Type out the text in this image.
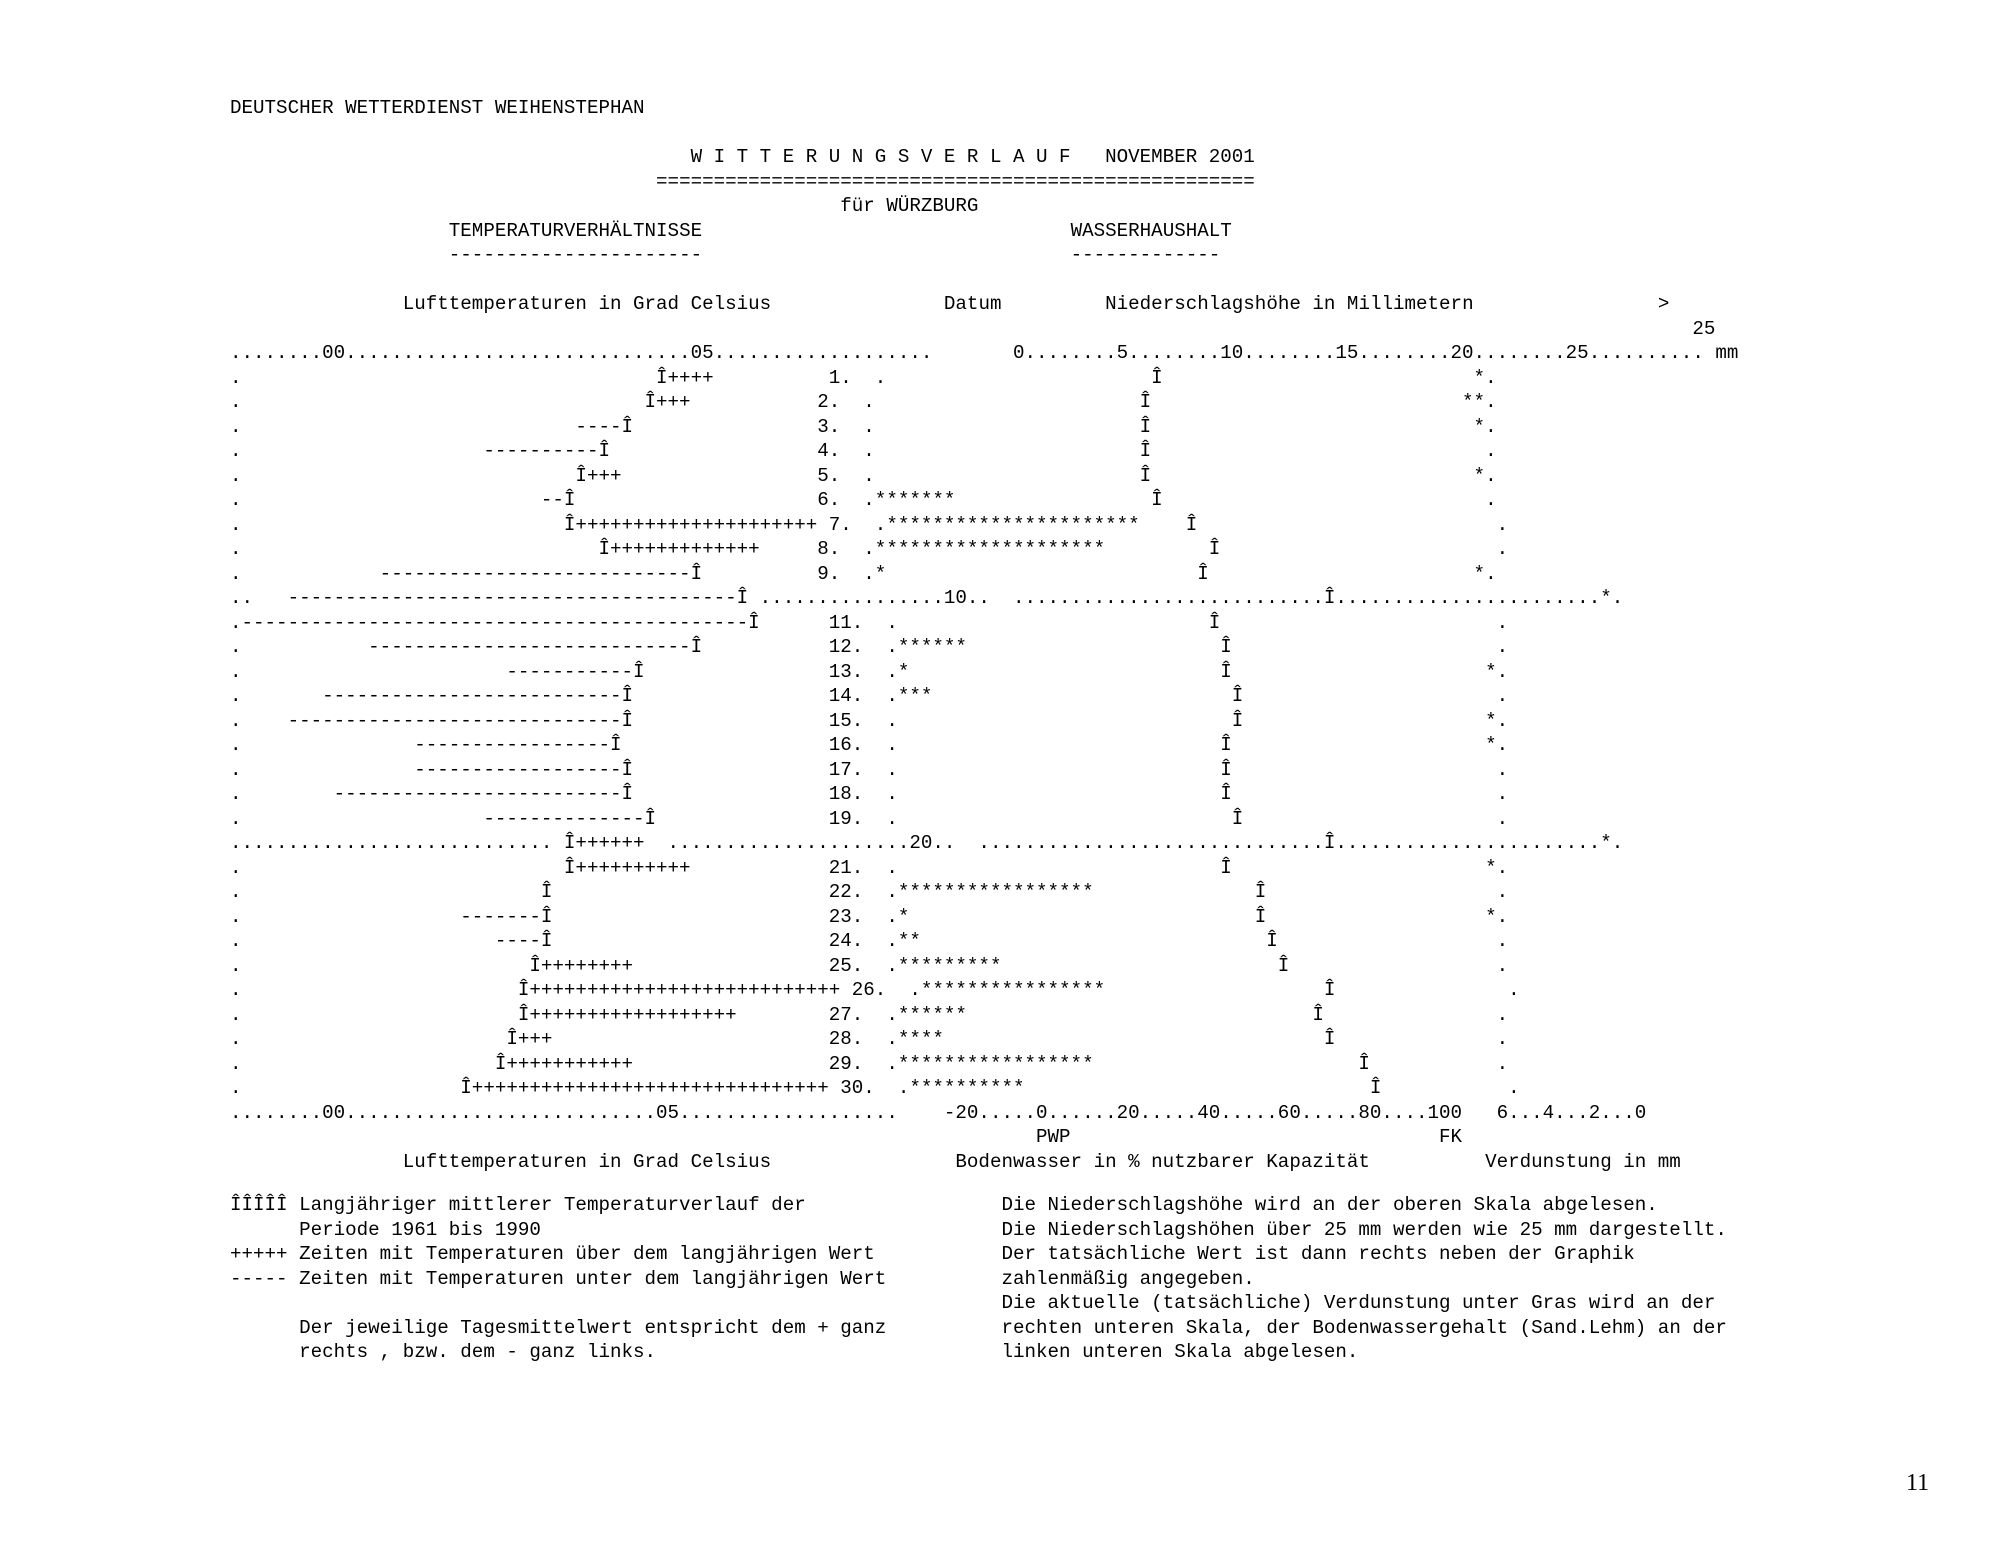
DEUTSCHER WETTERDIENST WEIHENSTEPHAN

W I T T E R U N G S V E R L A U F NOVEMBER 2001
====================================================
für WÜRZBURG
TEMPERATURVERHÄLTNISSE	WASSERHAUSHALT
----------------------	-------------

Lufttemperaturen in Grad Celsius	Datum	Niederschlagshöhe in Millimetern	>
25
........00..............................05...................       0........5........10........15........20........25.......... mm
.                                    Î++++          1.  .                       Î                           *.
.                                   Î+++           2.  .                       Î                           **.
.                             ----Î                3.  .                       Î                            *.
.                     ----------Î                  4.  .                       Î                             .
.                             Î+++                 5.  .                       Î                            *.
.                          --Î                     6.  .*******                 Î                            .
.                            Î+++++++++++++++++++++ 7.  .**********************    Î                          .
.                               Î+++++++++++++     8.  .********************         Î                        .
.            ---------------------------Î          9.  .*                           Î                       *.
..   ---------------------------------------Î ................10..  ...........................Î.......................*.
.--------------------------------------------Î      11.  .                           Î                        .
.           ----------------------------Î           12.  .******                      Î                       .
.                       -----------Î                13.  .*                           Î                      *.
.       --------------------------Î                 14.  .***                          Î                      .
.    -----------------------------Î                 15.  .                             Î                     *.
.               -----------------Î                  16.  .                            Î                      *.
.               ------------------Î                 17.  .                            Î                       .
.        -------------------------Î                 18.  .                            Î                       .
.                     --------------Î               19.  .                             Î                      .
............................ Î++++++  .....................20..  ..............................Î.......................*.
.                            Î++++++++++            21.  .                            Î                      *.
.                          Î                        22.  .*****************              Î                    .
.                   -------Î                        23.  .*                              Î                   *.
.                      ----Î                        24.  .**                              Î                   .
.                         Î++++++++                 25.  .*********                        Î                  .
.                        Î+++++++++++++++++++++++++++ 26.  .****************                   Î               .
.                        Î++++++++++++++++++        27.  .******                              Î               .
.                       Î+++                        28.  .****                                 Î              .
.                      Î+++++++++++                 29.  .*****************                       Î           .
.                   Î+++++++++++++++++++++++++++++++ 30.  .**********                              Î           .
........00...........................05...................    -20.....0......20.....40.....60.....80....100   6...4...2...0
PWP                                FK
Lufttemperaturen in Grad Celsius                Bodenwasser in % nutzbarer Kapazität          Verdunstung in mm
ÎÎÎÎÎ Langjähriger mittlerer Temperaturverlauf der	Die Niederschlagshöhe wird an der oberen Skala abgelesen.
Periode 1961 bis 1990	Die Niederschlagshöhen über 25 mm werden wie 25 mm dargestellt.
+++++ Zeiten mit Temperaturen über dem langjährigen Wert	Der tatsächliche Wert ist dann rechts neben der Graphik
----- Zeiten mit Temperaturen unter dem langjährigen Wert	zahlenmäßig angegeben.
Die aktuelle (tatsächliche) Verdunstung unter Gras wird an der
Der jeweilige Tagesmittelwert entspricht dem + ganz	rechten unteren Skala, der Bodenwassergehalt (Sand.Lehm) an der
rechts , bzw. dem - ganz links.	linken unteren Skala abgelesen.

11
